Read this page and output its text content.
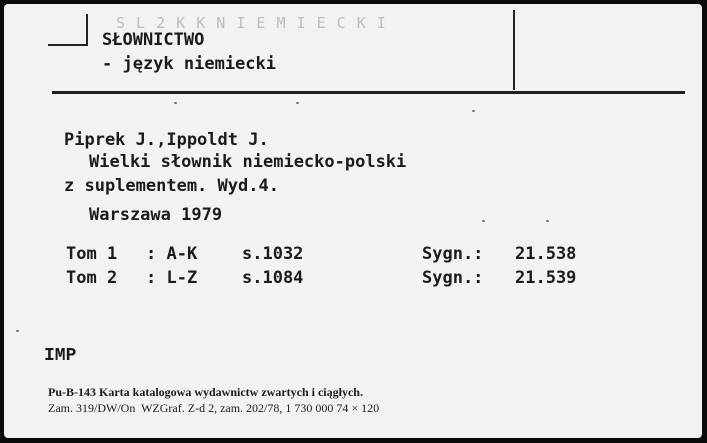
S L 2 K K N I E M I E C K I
SŁOWNICTWO
- język niemiecki
Piprek J.,Ippoldt J.
Wielki słownik niemiecko-polski
z suplementem. Wyd.4.
Warszawa 1979
Tom 1 : A-K	s.1032	Sygn.: 21.538
Tom 2 : L-Z	s.1084	Sygn.: 21.539
IMP
Pu-B-143 Karta katalogowa wydawnictw zwartych i ciągłych.
Zam. 319/DW/On  WZGraf. Z-d 2, zam. 202/78, 1 730 000 74 × 120
